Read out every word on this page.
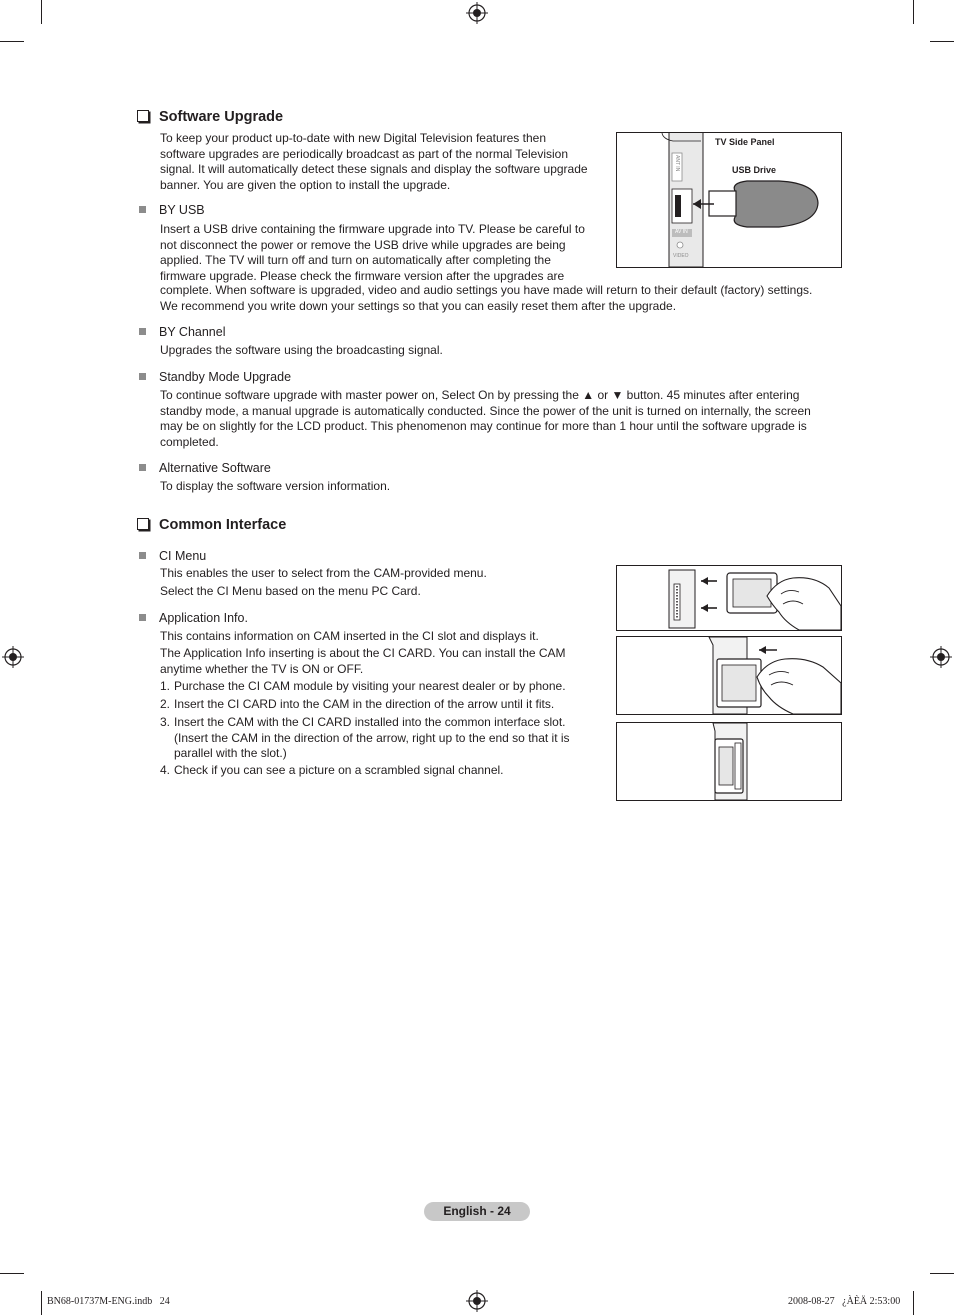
Software Upgrade
To keep your product up-to-date with new Digital Television features then software upgrades are periodically broadcast as part of the normal Television signal. It will automatically detect these signals and display the software upgrade banner. You are given the option to install the upgrade.
BY USB
Insert a USB drive containing the firmware upgrade into TV. Please be careful to not disconnect the power or remove the USB drive while upgrades are being applied. The TV will turn off and turn on automatically after completing the firmware upgrade. Please check the firmware version after the upgrades are
complete. When software is upgraded, video and audio settings you have made will return to their default (factory) settings. We recommend you write down your settings so that you can easily reset them after the upgrade.
BY Channel
Upgrades the software using the broadcasting signal.
Standby Mode Upgrade
To continue software upgrade with master power on, Select On by pressing the ▲ or ▼ button. 45 minutes after entering standby mode, a manual upgrade is automatically conducted. Since the power of the unit is turned on internally, the screen may be on slightly for the LCD product. This phenomenon may continue for more than 1 hour until the software upgrade is completed.
Alternative Software
To display the software version information.
TV Side Panel
USB Drive
ANT IN
AV IN
VIDEO
Common Interface
CI Menu
This enables the user to select from the CAM-provided menu.
Select the CI Menu based on the menu PC Card.
Application Info.
This contains information on CAM inserted in the CI slot and displays it.
The Application Info inserting is about the CI CARD. You can install the CAM anytime whether the TV is ON or OFF.
1. Purchase the CI CAM module by visiting your nearest dealer or by phone.
2. Insert the CI CARD into the CAM in the direction of the arrow until it fits.
3. Insert the CAM with the CI CARD installed into the common interface slot. (Insert the CAM in the direction of the arrow, right up to the end so that it is parallel with the slot.)
4. Check if you can see a picture on a scrambled signal channel.
English - 24
BN68-01737M-ENG.indb   24	2008-08-27   ¿ÀÈÄ 2:53:00
